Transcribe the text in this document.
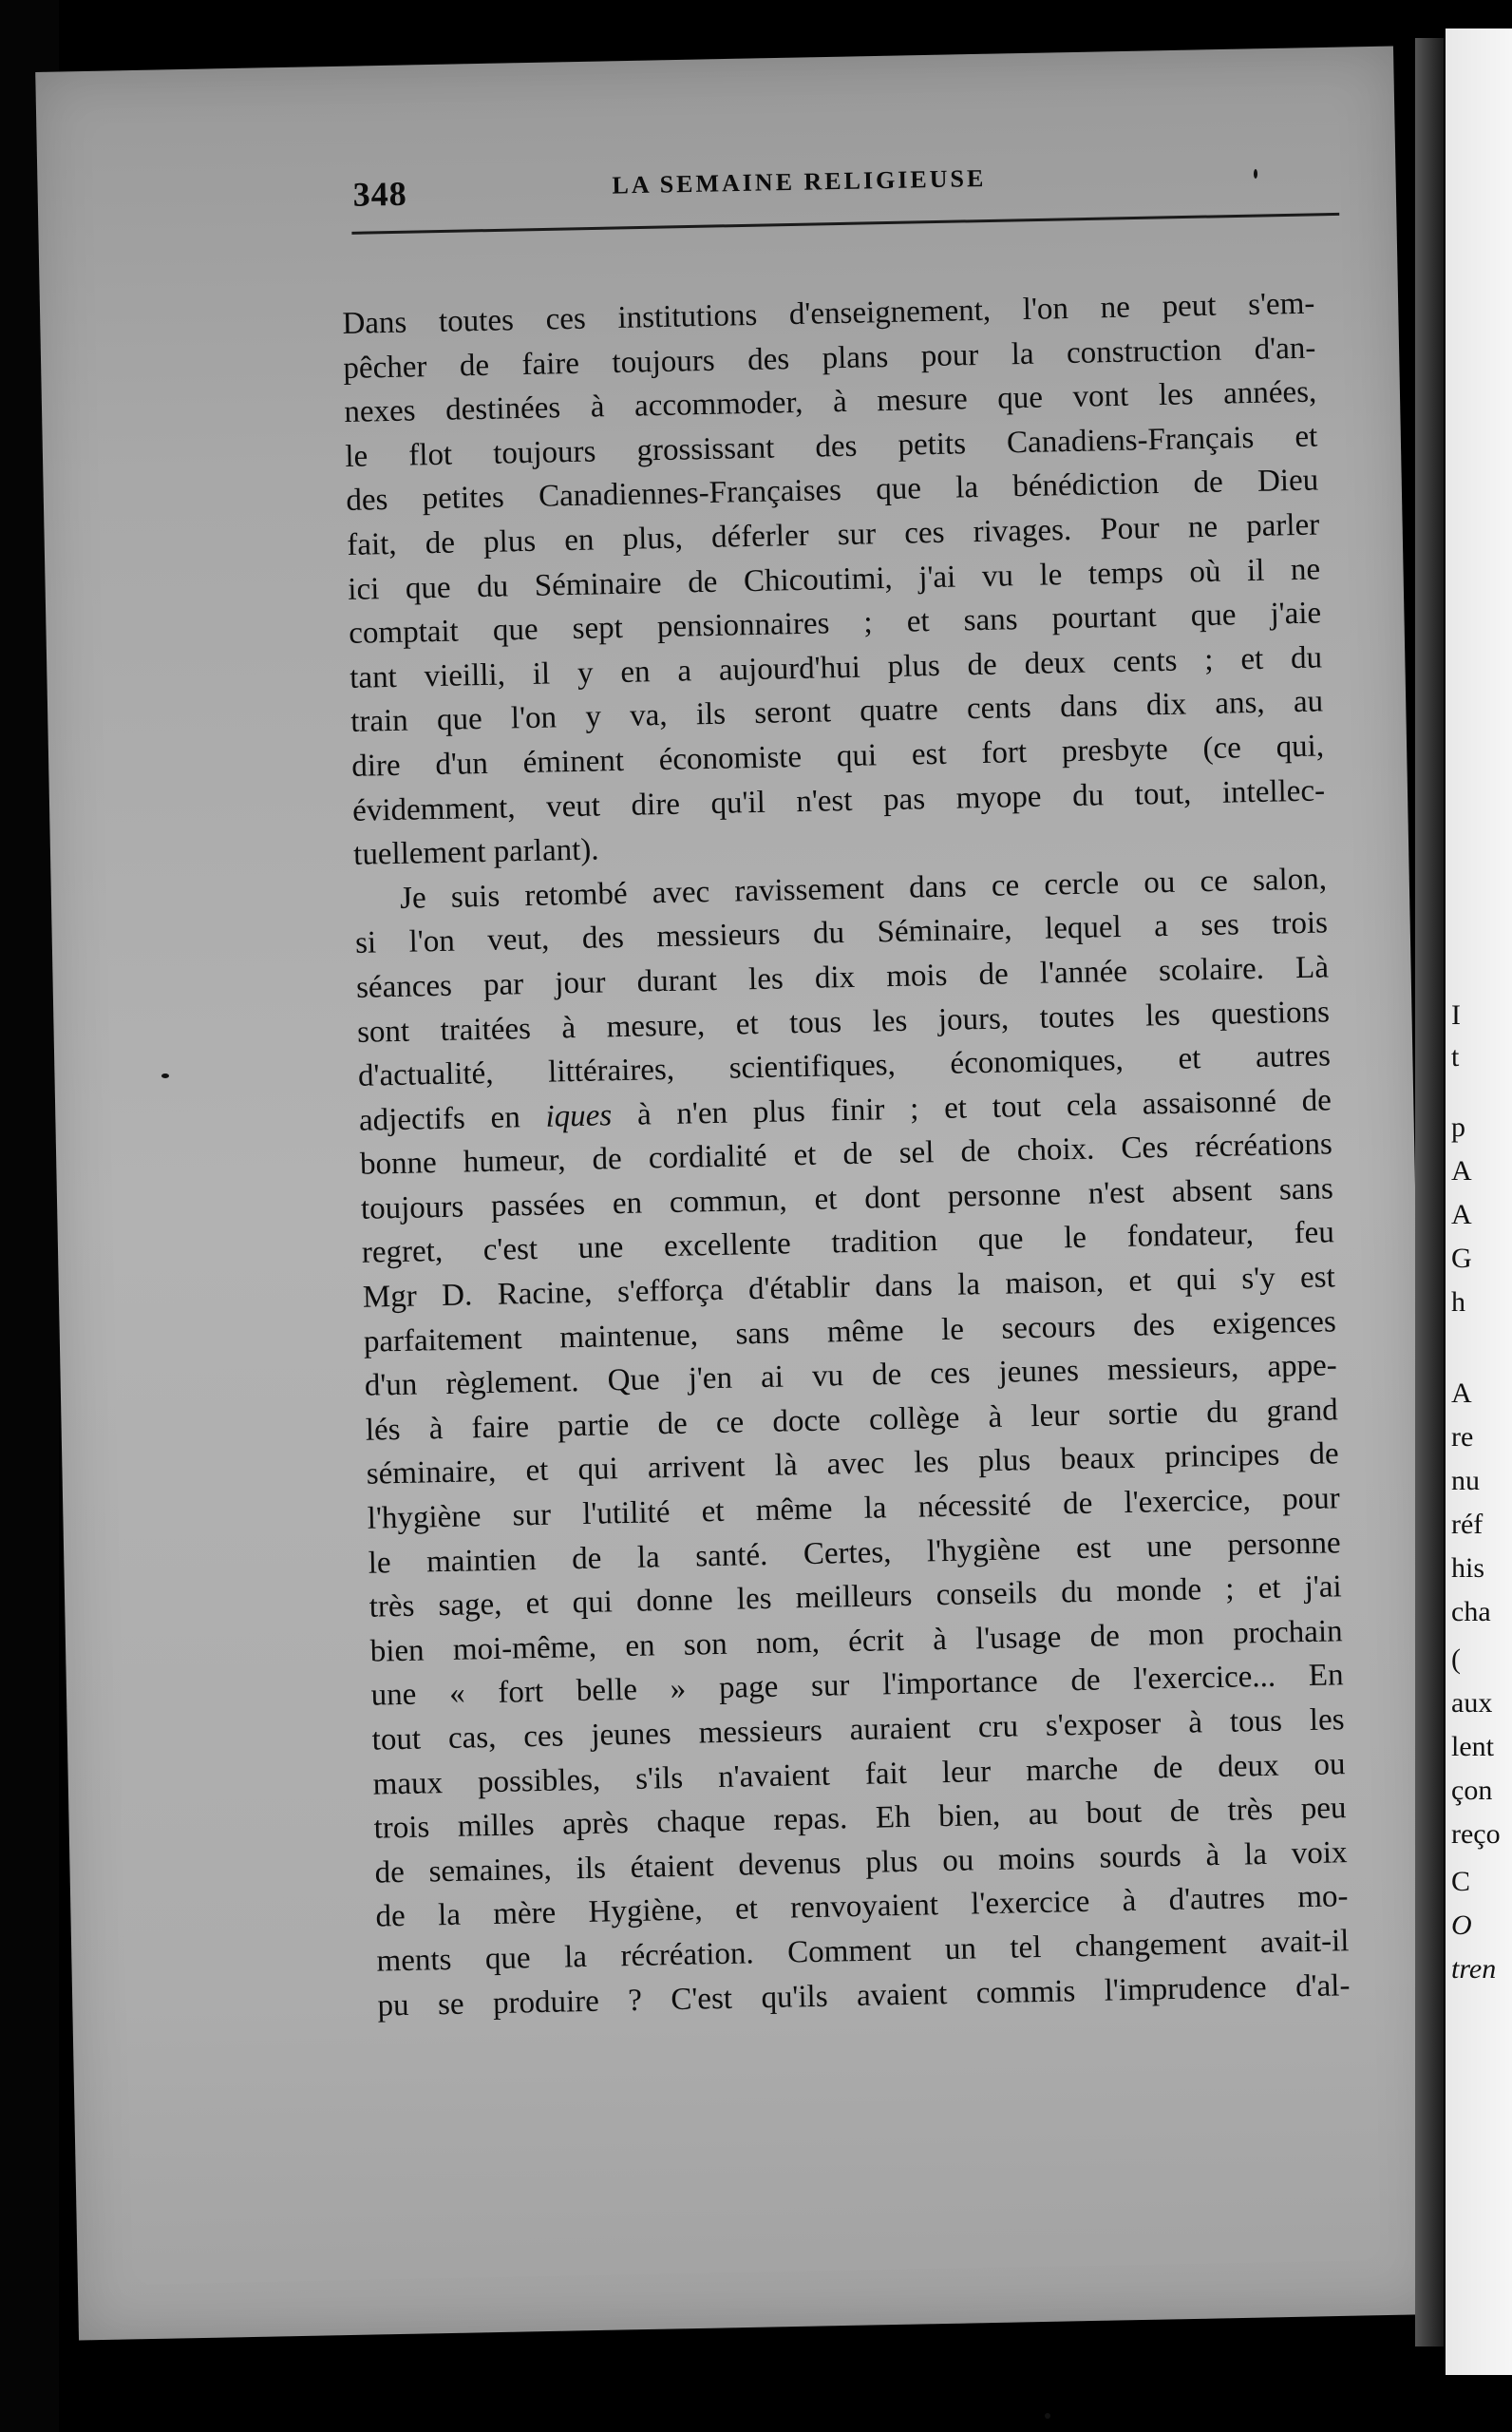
I
t
p
A
A
G
h
A
re
nu
réf
his
cha
(
aux
lent
çon
reço
C
O
tren
348	LA SEMAINE RELIGIEUSE
Dans toutes ces institutions d'enseignement, l'on ne peut s'em-
pêcher de faire toujours des plans pour la construction d'an-
nexes destinées à accommoder, à mesure que vont les années,
le flot toujours grossissant des petits Canadiens-Français et
des petites Canadiennes-Françaises que la bénédiction de Dieu
fait, de plus en plus, déferler sur ces rivages. Pour ne parler
ici que du Séminaire de Chicoutimi, j'ai vu le temps où il ne
comptait que sept pensionnaires ; et sans pourtant que j'aie
tant vieilli, il y en a aujourd'hui plus de deux cents ; et du
train que l'on y va, ils seront quatre cents dans dix ans, au
dire d'un éminent économiste qui est fort presbyte (ce qui,
évidemment, veut dire qu'il n'est pas myope du tout, intellec-
tuellement parlant).
Je suis retombé avec ravissement dans ce cercle ou ce salon,
si l'on veut, des messieurs du Séminaire, lequel a ses trois
séances par jour durant les dix mois de l'année scolaire. Là
sont traitées à mesure, et tous les jours, toutes les questions
d'actualité, littéraires, scientifiques, économiques, et autres
adjectifs en iques à n'en plus finir ; et tout cela assaisonné de
bonne humeur, de cordialité et de sel de choix. Ces récréations
toujours passées en commun, et dont personne n'est absent sans
regret, c'est une excellente tradition que le fondateur, feu
Mgr D. Racine, s'efforça d'établir dans la maison, et qui s'y est
parfaitement maintenue, sans même le secours des exigences
d'un règlement. Que j'en ai vu de ces jeunes messieurs, appe-
lés à faire partie de ce docte collège à leur sortie du grand
séminaire, et qui arrivent là avec les plus beaux principes de
l'hygiène sur l'utilité et même la nécessité de l'exercice, pour
le maintien de la santé. Certes, l'hygiène est une personne
très sage, et qui donne les meilleurs conseils du monde ; et j'ai
bien moi-même, en son nom, écrit à l'usage de mon prochain
une « fort belle » page sur l'importance de l'exercice... En
tout cas, ces jeunes messieurs auraient cru s'exposer à tous les
maux possibles, s'ils n'avaient fait leur marche de deux ou
trois milles après chaque repas. Eh bien, au bout de très peu
de semaines, ils étaient devenus plus ou moins sourds à la voix
de la mère Hygiène, et renvoyaient l'exercice à d'autres mo-
ments que la récréation. Comment un tel changement avait-il
pu se produire ? C'est qu'ils avaient commis l'imprudence d'al-
